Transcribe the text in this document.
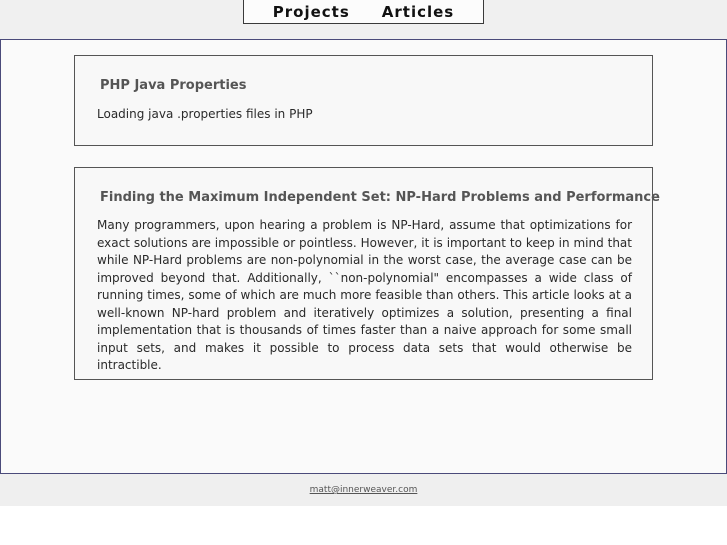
Projects Articles
PHP Java Properties

Loading java .properties files in PHP

Finding the Maximum Independent Set: NP-Hard Problems and Performance

Many programmers, upon hearing a problem is NP-Hard, assume that optimizations for exact solutions are impossible or pointless. However, it is important to keep in mind that while NP-Hard problems are non-polynomial in the worst case, the average case can be improved beyond that. Additionally, ``non-polynomial" encompasses a wide class of running times, some of which are much more feasible than others. This article looks at a well-known NP-hard problem and iteratively optimizes a solution, presenting a final implementation that is thousands of times faster than a naive approach for some small input sets, and makes it possible to process data sets that would otherwise be intractible.

matt@innerweaver.com
